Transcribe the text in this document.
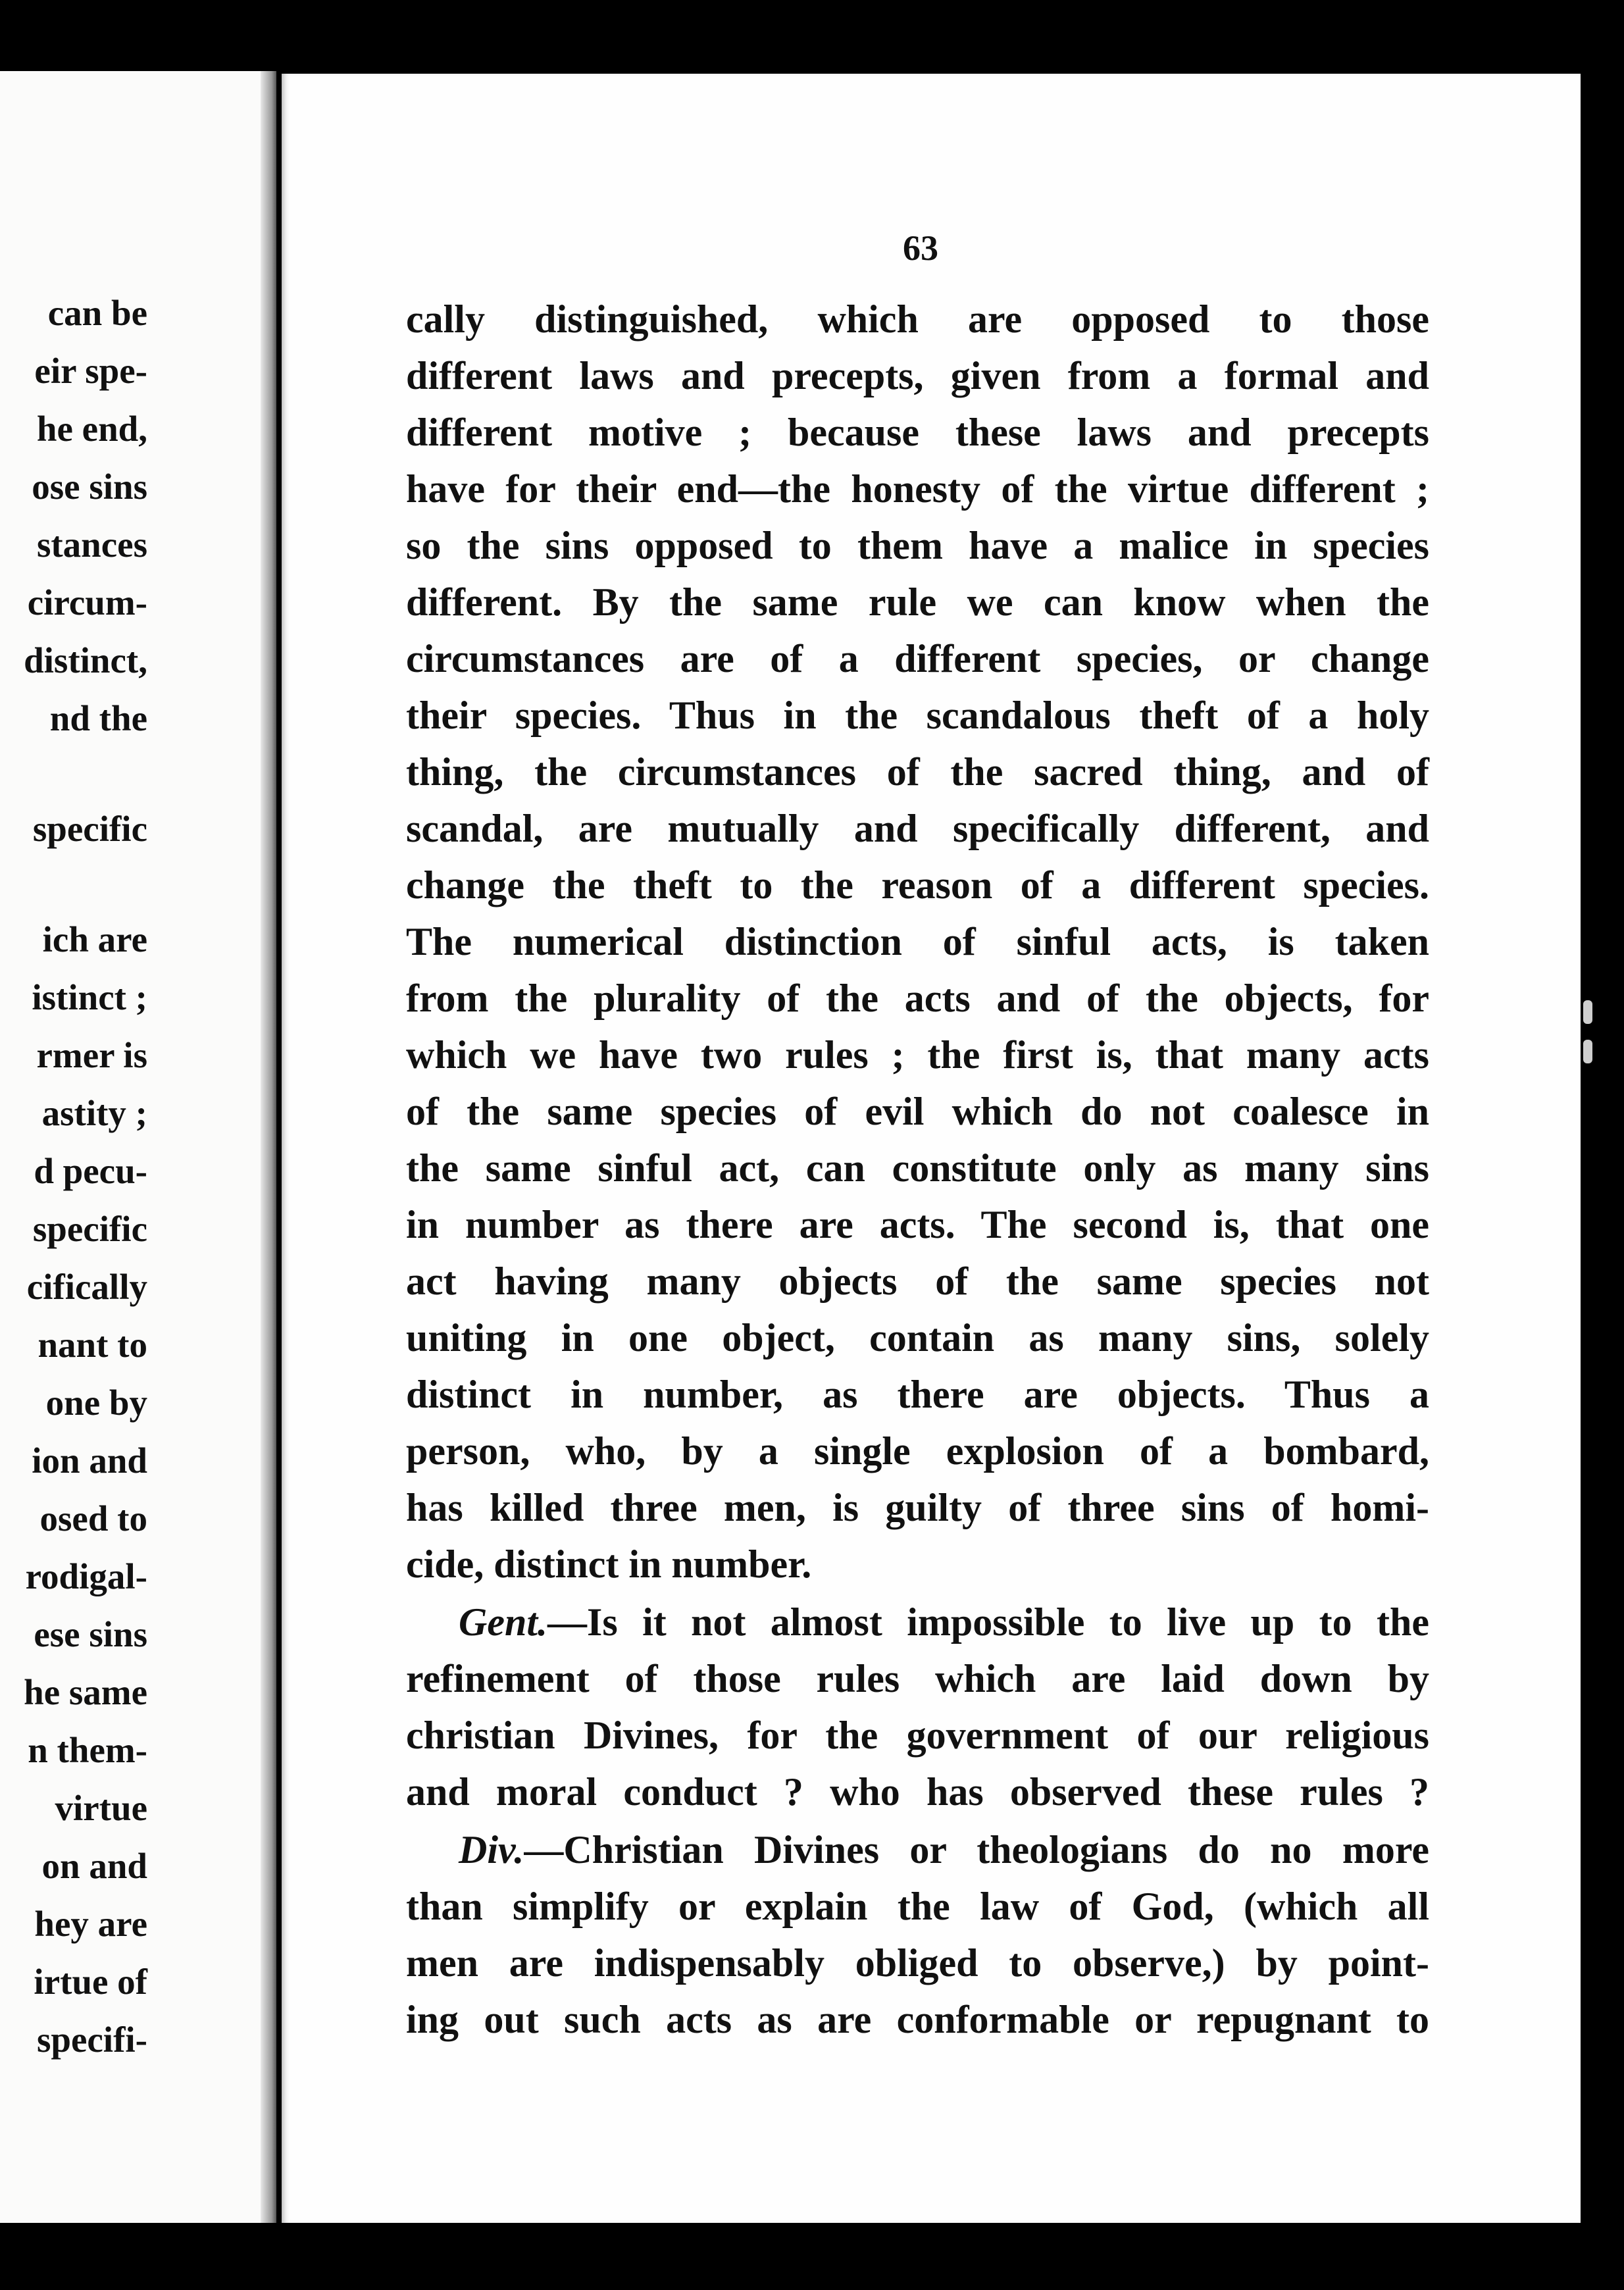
can be
eir spe-
he end,
ose sins
stances
circum-
distinct,
nd the
specific
ich are
istinct ;
rmer is
astity ;
d pecu-
specific
cifically
nant to
one by
ion and
osed to
rodigal-
ese sins
he same
n them-
virtue
on and
hey are
irtue of
specifi-
63
cally distinguished, which are opposed to those
different laws and precepts, given from a formal and
different motive ; because these laws and precepts
have for their end—the honesty of the virtue different ;
so the sins opposed to them have a malice in species
different. By the same rule we can know when the
circumstances are of a different species, or change
their species. Thus in the scandalous theft of a holy
thing, the circumstances of the sacred thing, and of
scandal, are mutually and specifically different, and
change the theft to the reason of a different species.
The numerical distinction of sinful acts, is taken
from the plurality of the acts and of the objects, for
which we have two rules ; the first is, that many acts
of the same species of evil which do not coalesce in
the same sinful act, can constitute only as many sins
in number as there are acts. The second is, that one
act having many objects of the same species not
uniting in one object, contain as many sins, solely
distinct in number, as there are objects. Thus a
person, who, by a single explosion of a bombard,
has killed three men, is guilty of three sins of homi-
cide, distinct in number.
Gent.—Is it not almost impossible to live up to the
refinement of those rules which are laid down by
christian Divines, for the government of our religious
and moral conduct ? who has observed these rules ?
Div.—Christian Divines or theologians do no more
than simplify or explain the law of God, (which all
men are indispensably obliged to observe,) by point-
ing out such acts as are conformable or repugnant to
